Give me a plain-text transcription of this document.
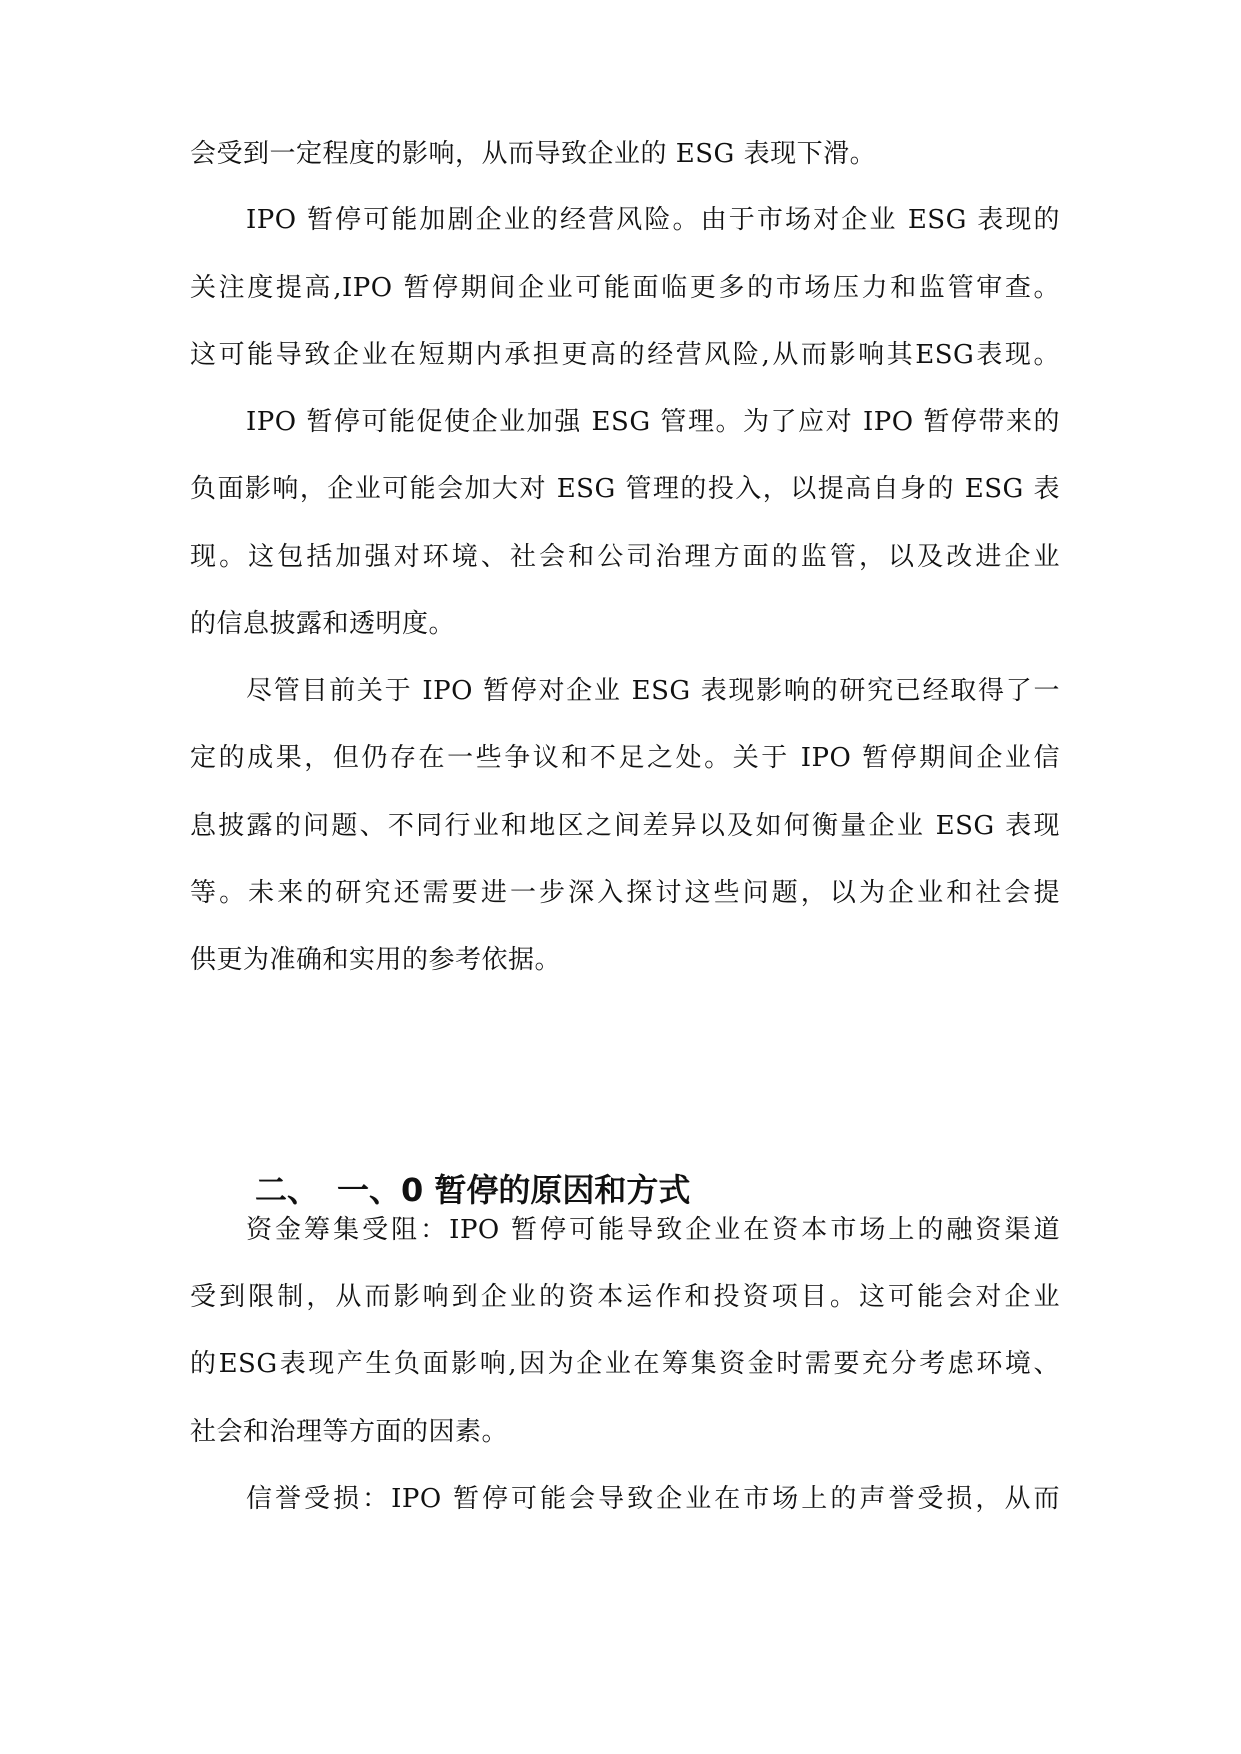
会受到一定程度的影响，从而导致企业的 ESG 表现下滑。
IPO 暂停可能加剧企业的经营风险。由于市场对企业 ESG 表现的
关注度提高,IPO 暂停期间企业可能面临更多的市场压力和监管审查。
这可能导致企业在短期内承担更高的经营风险,从而影响其ESG表现。
IPO 暂停可能促使企业加强 ESG 管理。为了应对 IPO 暂停带来的
负面影响，企业可能会加大对 ESG 管理的投入，以提高自身的 ESG 表
现。这包括加强对环境、社会和公司治理方面的监管，以及改进企业
的信息披露和透明度。
尽管目前关于 IPO 暂停对企业 ESG 表现影响的研究已经取得了一
定的成果，但仍存在一些争议和不足之处。关于 IPO 暂停期间企业信
息披露的问题、不同行业和地区之间差异以及如何衡量企业 ESG 表现
等。未来的研究还需要进一步深入探讨这些问题，以为企业和社会提
供更为准确和实用的参考依据。
二、 一、0 暂停的原因和方式
资金筹集受阻：IPO 暂停可能导致企业在资本市场上的融资渠道
受到限制，从而影响到企业的资本运作和投资项目。这可能会对企业
的ESG表现产生负面影响,因为企业在筹集资金时需要充分考虑环境、
社会和治理等方面的因素。
信誉受损：IPO 暂停可能会导致企业在市场上的声誉受损，从而
